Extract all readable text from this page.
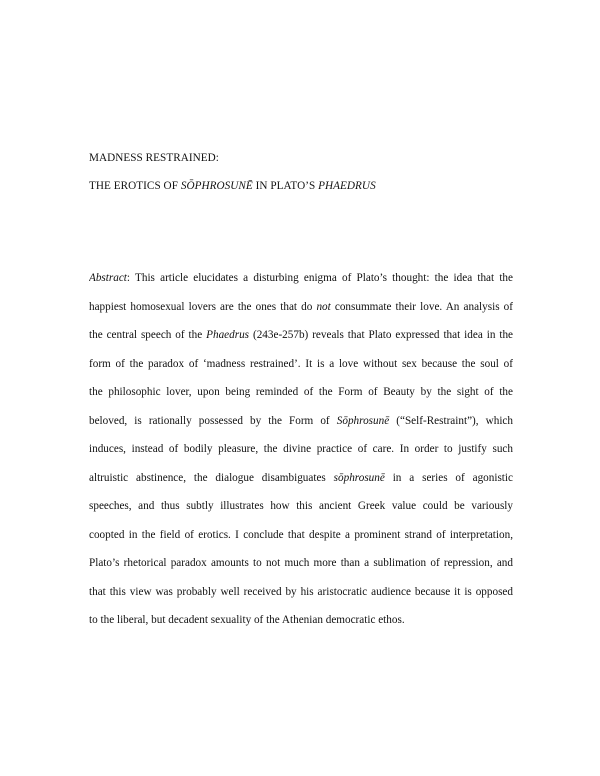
MADNESS RESTRAINED:
THE EROTICS OF SŌPHROSUNĒ IN PLATO’S PHAEDRUS
Abstract: This article elucidates a disturbing enigma of Plato’s thought: the idea that the
happiest homosexual lovers are the ones that do not consummate their love. An analysis of
the central speech of the Phaedrus (243e-257b) reveals that Plato expressed that idea in the
form of the paradox of ‘madness restrained’. It is a love without sex because the soul of
the philosophic lover, upon being reminded of the Form of Beauty by the sight of the
beloved, is rationally possessed by the Form of Sōphrosunē (“Self-Restraint”), which
induces, instead of bodily pleasure, the divine practice of care. In order to justify such
altruistic abstinence, the dialogue disambiguates sōphrosunē in a series of agonistic
speeches, and thus subtly illustrates how this ancient Greek value could be variously
coopted in the field of erotics. I conclude that despite a prominent strand of interpretation,
Plato’s rhetorical paradox amounts to not much more than a sublimation of repression, and
that this view was probably well received by his aristocratic audience because it is opposed
to the liberal, but decadent sexuality of the Athenian democratic ethos.
